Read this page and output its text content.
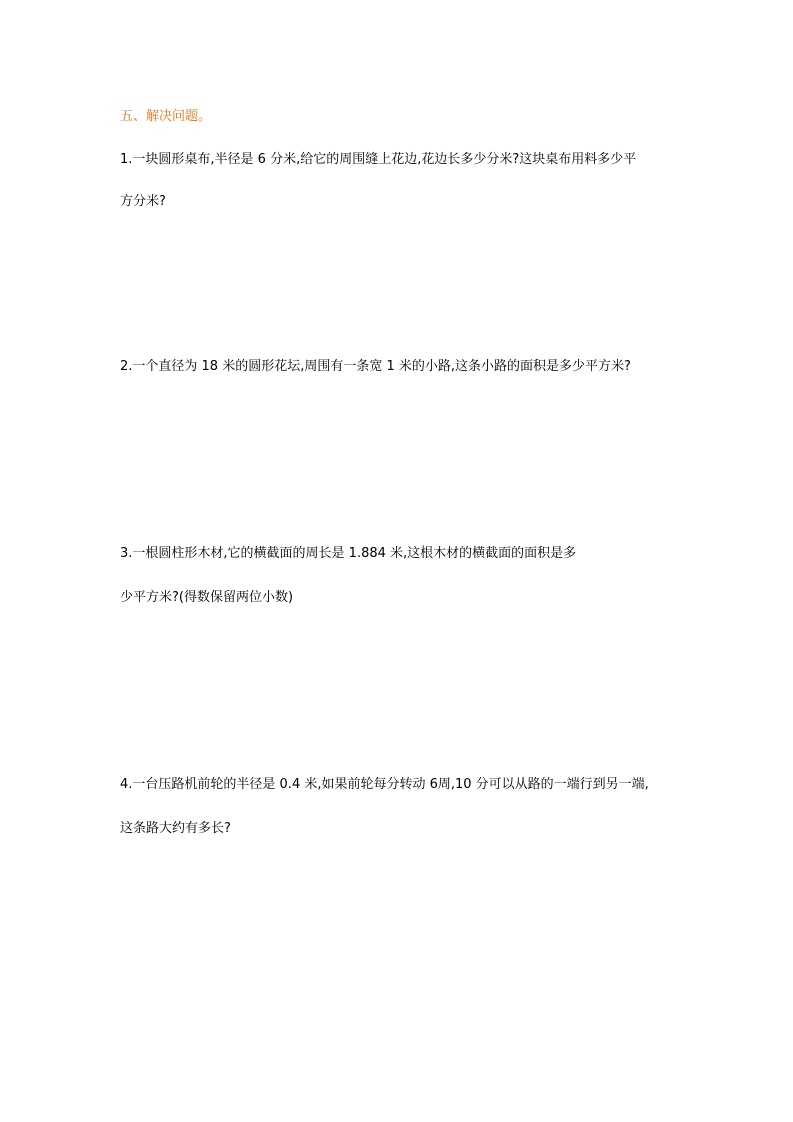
五、解决问题。
1.一块圆形桌布,半径是 6 分米,给它的周围缝上花边,花边长多少分米?这块桌布用料多少平
方分米?
2.一个直径为 18 米的圆形花坛,周围有一条宽 1 米的小路,这条小路的面积是多少平方米?
3.一根圆柱形木材,它的横截面的周长是 1.884 米,这根木材的横截面的面积是多
少平方米?(得数保留两位小数)
4.一台压路机前轮的半径是 0.4 米,如果前轮每分转动 6周,10 分可以从路的一端行到另一端,
这条路大约有多长?
